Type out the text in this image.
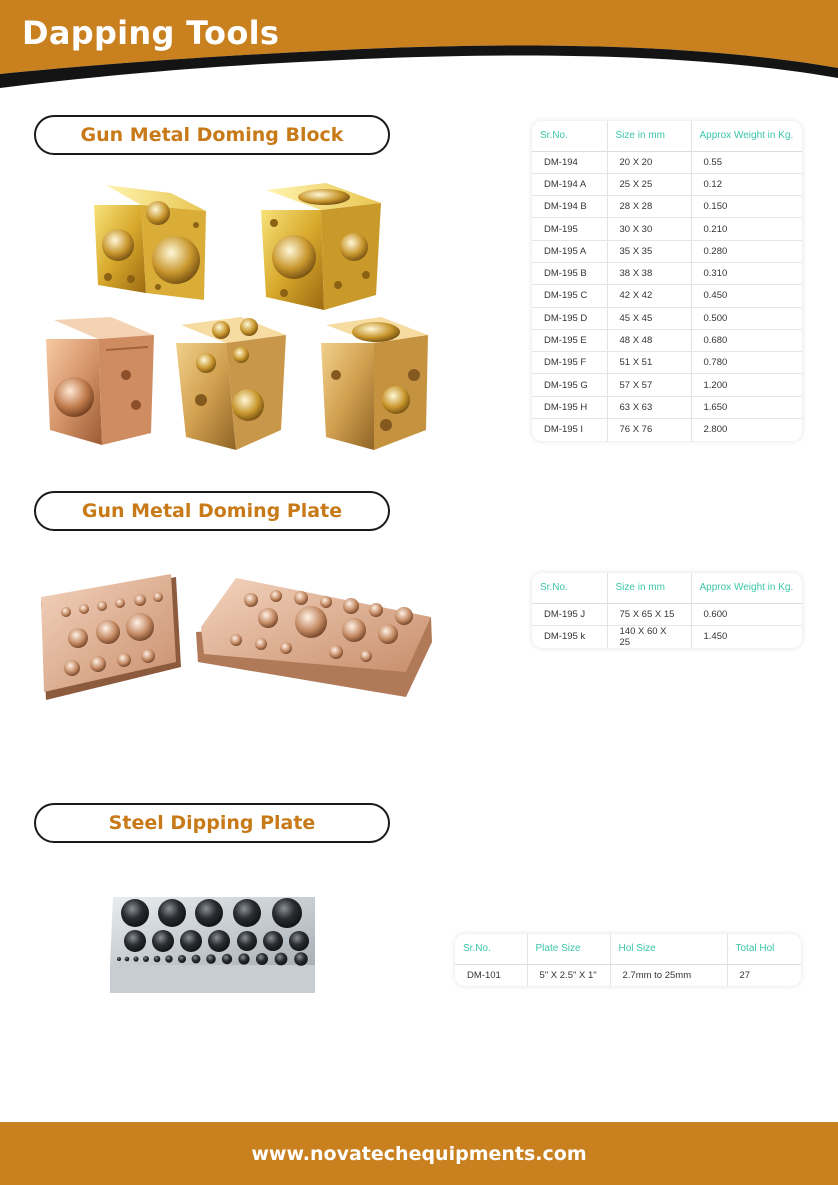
Dapping Tools
Gun Metal Doming Block	Sr.No.	Size in mm	Approx Weight in Kg.
DM-194	20 X 20	0.55
DM-194 A	25 X 25	0.12
DM-194 B	28 X 28	0.150
DM-195	30 X 30	0.210
DM-195 A	35 X 35	0.280
DM-195 B	38 X 38	0.310
DM-195 C	42 X 42	0.450
DM-195 D	45 X 45	0.500
DM-195 E	48 X 48	0.680
DM-195 F	51 X 51	0.780
DM-195 G	57 X 57	1.200
DM-195 H	63 X 63	1.650
DM-195 I	76 X 76	2.800
Gun Metal Doming Plate
Sr.No.	Size in mm	Approx Weight in Kg.
DM-195 J	75 X 65 X 15	0.600
DM-195 k	140 X 60 X 25	1.450
Steel Dipping Plate
Sr.No.	Plate Size	Hol Size	Total Hol
DM-101	5" X 2.5" X 1"	2.7mm to 25mm	27
www.novatechequipments.com
